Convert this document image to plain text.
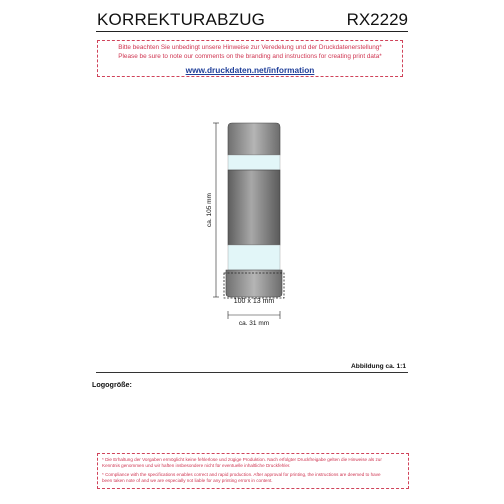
KORREKTURABZUG	RX2229
Bitte beachten Sie unbedingt unsere Hinweise zur Veredelung und der Druckdatenerstellung*
Please be sure to note our comments on the branding and instructions for creating print data*
www.druckdaten.net/information
100 x 13 mm
ca. 105 mm
ca. 31 mm
Abbildung ca. 1:1
Logogröße:
* Die Erhaltung der Vorgaben ermöglicht keine fehlerlose und zügige Produktion. Nach erfolgter Druckfreigabe gelten die Hinweise als zur
Kenntnis genommen und wir haften insbesondere nicht für eventuelle inhaltliche Druckfehler.
* Compliance with the specifications enables correct and rapid production. After approval for printing, the instructions are deemed to have
been taken note of and we are especially not liable for any printing errors in content.
